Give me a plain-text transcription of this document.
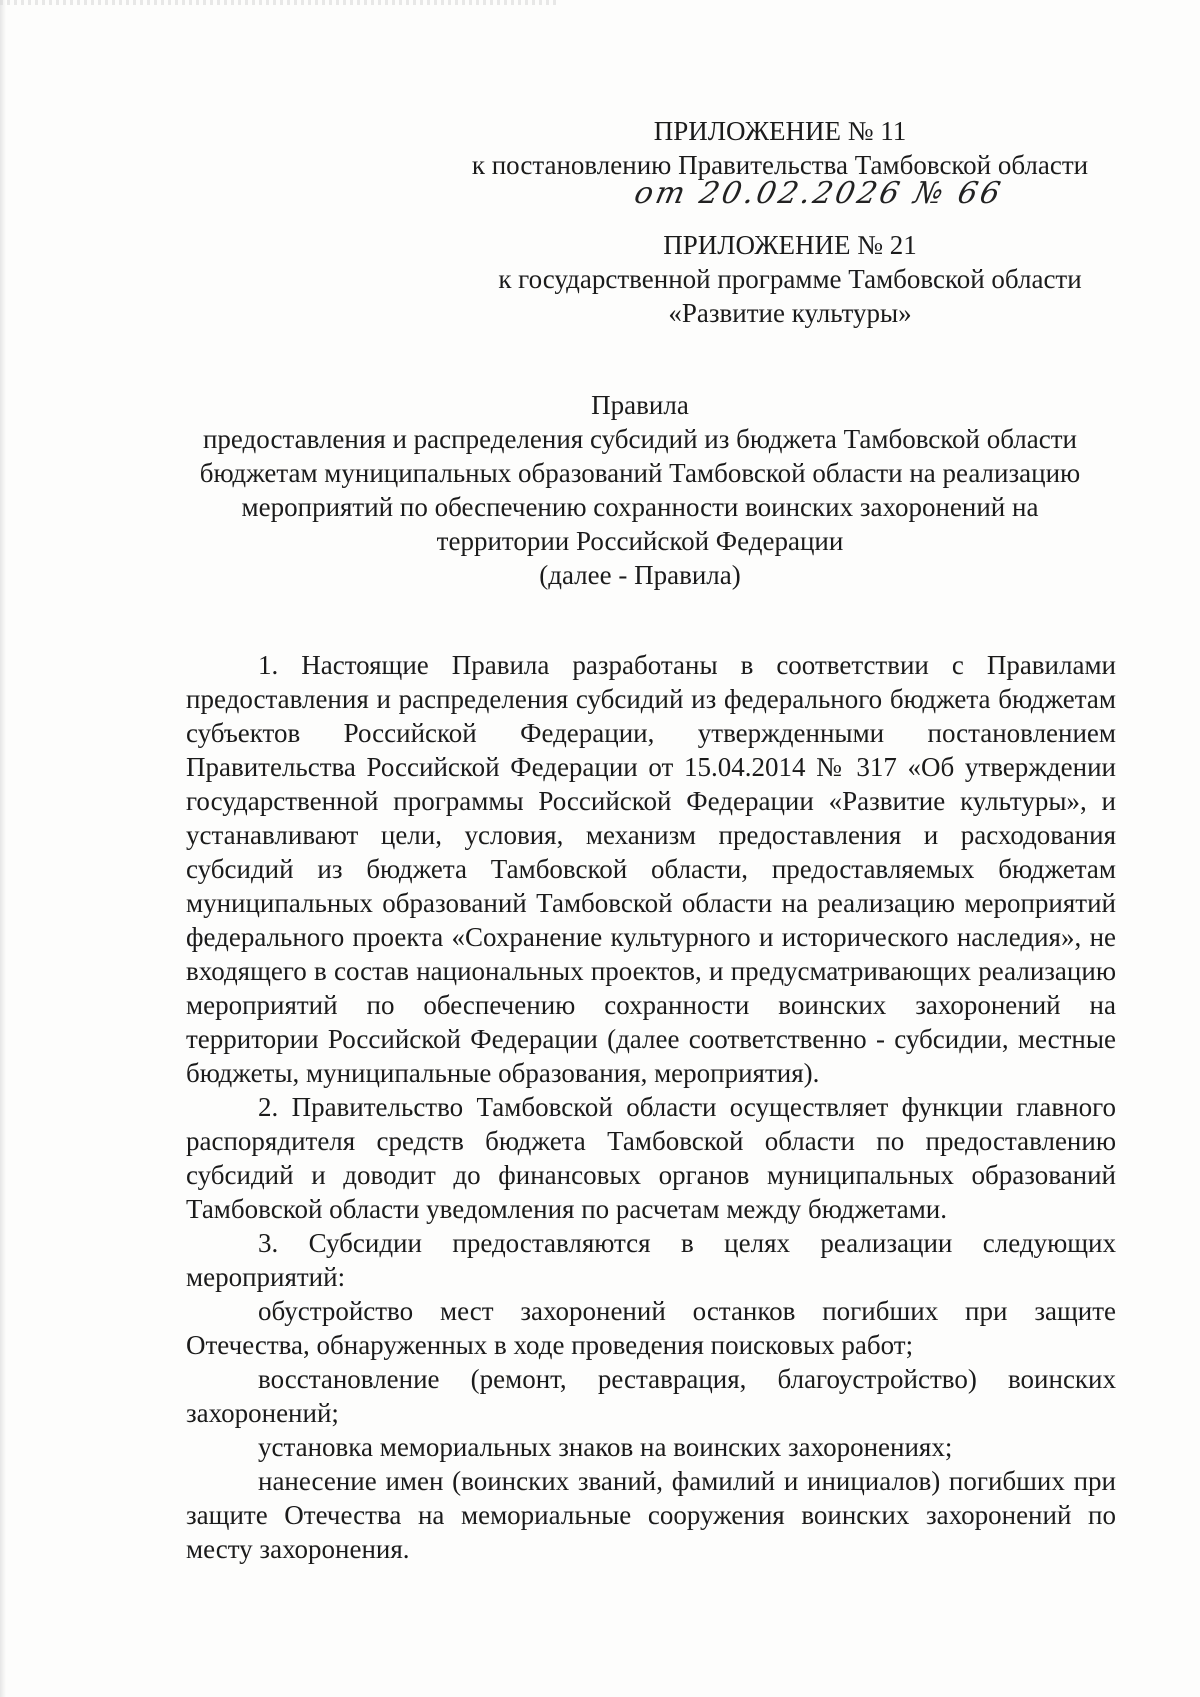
ПРИЛОЖЕНИЕ № 11
к постановлению Правительства Тамбовской области
от 20.02.2026 № 66
ПРИЛОЖЕНИЕ № 21
к государственной программе Тамбовской области
«Развитие культуры»
Правила
предоставления и распределения субсидий из бюджета Тамбовской области
бюджетам муниципальных образований Тамбовской области на реализацию
мероприятий по обеспечению сохранности воинских захоронений на
территории Российской Федерации
(далее - Правила)

1. Настоящие Правила разработаны в соответствии с Правилами предоставления и распределения субсидий из федерального бюджета бюджетам субъектов Российской Федерации, утвержденными постановлением Правительства Российской Федерации от 15.04.2014 № 317 «Об утверждении государственной программы Российской Федерации «Развитие культуры», и устанавливают цели, условия, механизм предоставления и расходования субсидий из бюджета Тамбовской области, предоставляемых бюджетам муниципальных образований Тамбовской области на реализацию мероприятий федерального проекта «Сохранение культурного и исторического наследия», не входящего в состав национальных проектов, и предусматривающих реализацию мероприятий по обеспечению сохранности воинских захоронений на территории Российской Федерации (далее соответственно - субсидии, местные бюджеты, муниципальные образования, мероприятия).

2. Правительство Тамбовской области осуществляет функции главного распорядителя средств бюджета Тамбовской области по предоставлению субсидий и доводит до финансовых органов муниципальных образований Тамбовской области уведомления по расчетам между бюджетами.

3. Субсидии предоставляются в целях реализации следующих мероприятий:

обустройство мест захоронений останков погибших при защите Отечества, обнаруженных в ходе проведения поисковых работ;

восстановление (ремонт, реставрация, благоустройство) воинских захоронений;

установка мемориальных знаков на воинских захоронениях;

нанесение имен (воинских званий, фамилий и инициалов) погибших при защите Отечества на мемориальные сооружения воинских захоронений по месту захоронения.
